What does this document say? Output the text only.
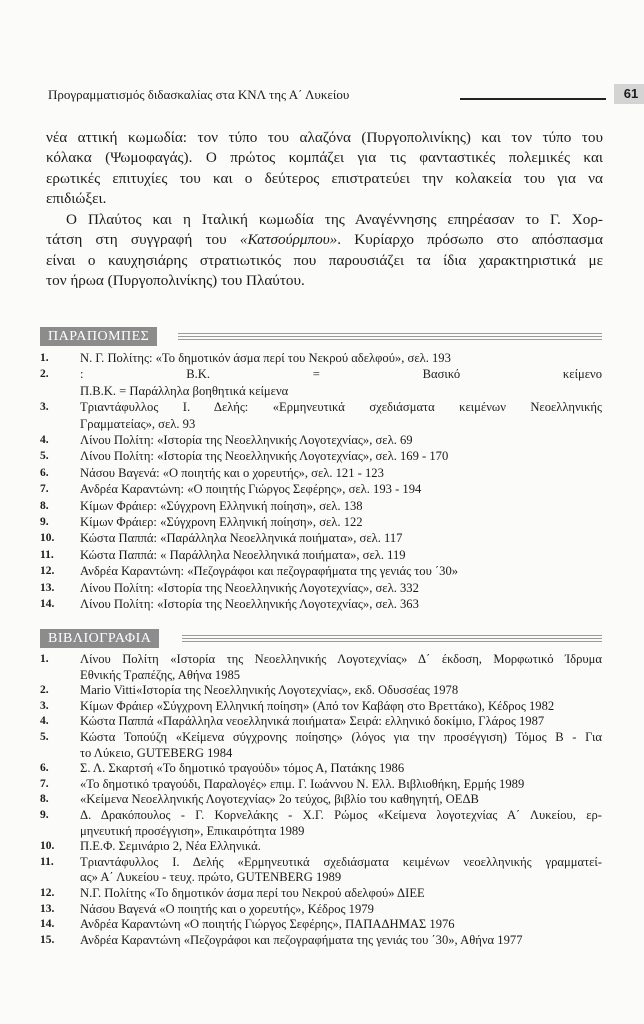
Προγραμματισμός διδασκαλίας στα ΚΝΛ της Α΄ Λυκείου	61
νέα αττική κωμωδία: τον τύπο του αλαζόνα (Πυργοπολινίκης) και τον τύπο του
κόλακα (Ψωμοφαγάς). Ο πρώτος κομπάζει για τις φανταστικές πολεμικές και
ερωτικές επιτυχίες του και ο δεύτερος επιστρατεύει την κολακεία του για να
επιδιώξει.
Ο Πλαύτος και η Ιταλική κωμωδία της Αναγέννησης επηρέασαν το Γ. Χορ-
τάτση στη συγγραφή του «Κατσούρμπου». Κυρίαρχο πρόσωπο στο απόσπασμα
είναι ο καυχησιάρης στρατιωτικός που παρουσιάζει τα ίδια χαρακτηριστικά με
τον ήρωα (Πυργοπολινίκης) του Πλαύτου.
ΠΑΡΑΠΟΜΠΕΣ
1. Ν. Γ. Πολίτης: «Το δημοτικόν άσμα περί του Νεκρού αδελφού», σελ. 193
2. : Β.Κ. = Βασικό κείμενο
Π.Β.Κ. = Παράλληλα βοηθητικά κείμενα
3. Τριαντάφυλλος Ι. Δελής: «Ερμηνευτικά σχεδιάσματα κειμένων Νεοελληνικής
Γραμματείας», σελ. 93
4. Λίνου Πολίτη: «Ιστορία της Νεοελληνικής Λογοτεχνίας», σελ. 69
5. Λίνου Πολίτη: «Ιστορία της Νεοελληνικής Λογοτεχνίας», σελ. 169 - 170
6. Νάσου Βαγενά: «Ο ποιητής και ο χορευτής», σελ. 121 - 123
7. Ανδρέα Καραντώνη: «Ο ποιητής Γιώργος Σεφέρης», σελ. 193 - 194
8. Κίμων Φράιερ: «Σύγχρονη Ελληνική ποίηση», σελ. 138
9. Κίμων Φράιερ: «Σύγχρονη Ελληνική ποίηση», σελ. 122
10. Κώστα Παππά: «Παράλληλα Νεοελληνικά ποιήματα», σελ. 117
11. Κώστα Παππά: « Παράλληλα Νεοελληνικά ποιήματα», σελ. 119
12. Ανδρέα Καραντώνη: «Πεζογράφοι και πεζογραφήματα της γενιάς του ΄30»
13. Λίνου Πολίτη: «Ιστορία της Νεοελληνικής Λογοτεχνίας», σελ. 332
14. Λίνου Πολίτη: «Ιστορία της Νεοελληνικής Λογοτεχνίας», σελ. 363
ΒΙΒΛΙΟΓΡΑΦΙΑ
1. Λίνου Πολίτη «Ιστορία της Νεοελληνικής Λογοτεχνίας» Δ΄ έκδοση, Μορφωτικό Ίδρυμα
Εθνικής Τραπέζης, Αθήνα 1985
2. Mario Vitti«Ιστορία της Νεοελληνικής Λογοτεχνίας», εκδ. Οδυσσέας 1978
3. Κίμων Φράιερ «Σύγχρονη Ελληνική ποίηση» (Από τον Καβάφη στο Βρεττάκο), Κέδρος 1982
4. Κώστα Παππά «Παράλληλα νεοελληνικά ποιήματα» Σειρά: ελληνικό δοκίμιο, Γλάρος 1987
5. Κώστα Τοπούζη «Κείμενα σύγχρονης ποίησης» (λόγος για την προσέγγιση) Τόμος Β - Για
το Λύκειο, GUTEBERG 1984
6. Σ. Λ. Σκαρτσή «Το δημοτικό τραγούδι» τόμος Α, Πατάκης 1986
7. «Το δημοτικό τραγούδι, Παραλογές» επιμ. Γ. Ιωάννου Ν. Ελλ. Βιβλιοθήκη, Ερμής 1989
8. «Κείμενα Νεοελληνικής Λογοτεχνίας» 2ο τεύχος, βιβλίο του καθηγητή, ΟΕΔΒ
9. Δ. Δρακόπουλος - Γ. Κορνελάκης - Χ.Γ. Ρώμος «Κείμενα λογοτεχνίας Α΄ Λυκείου, ερ-
μηνευτική προσέγγιση», Επικαιρότητα 1989
10. Π.Ε.Φ. Σεμινάριο 2, Νέα Ελληνικά.
11. Τριαντάφυλλος Ι. Δελής «Ερμηνευτικά σχεδιάσματα κειμένων νεοελληνικής γραμματεί-
ας» Α΄ Λυκείου - τευχ. πρώτο, GUTENBERG 1989
12. Ν.Γ. Πολίτης «Το δημοτικόν άσμα περί του Νεκρού αδελφού» ΔΙΕΕ
13. Νάσου Βαγενά «Ο ποιητής και ο χορευτής», Κέδρος 1979
14. Ανδρέα Καραντώνη «Ο ποιητής Γιώργος Σεφέρης», ΠΑΠΑΔΗΜΑΣ 1976
15. Ανδρέα Καραντώνη «Πεζογράφοι και πεζογραφήματα της γενιάς του ΄30», Αθήνα 1977
